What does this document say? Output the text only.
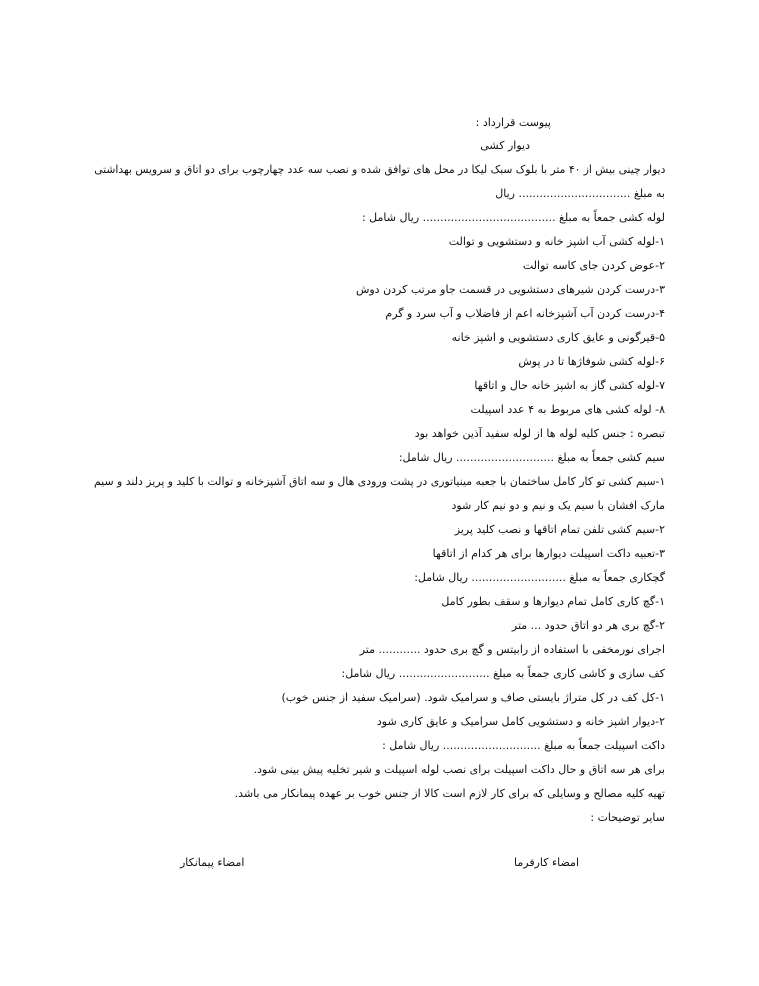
پیوست قرارداد :
دیوار کشی
دیوار چینی بیش از ۴۰ متر با بلوک سبک لیکا در محل های توافق شده و نصب سه عدد چهارچوب برای دو اتاق و سرویس بهداشتی
به مبلغ ................................ ریال
لوله کشی جمعاً به مبلغ ...................................... ریال شامل :
۱-لوله کشی آب اشپز خانه و دستشویی و توالت
۲-عوض کردن جای کاسه توالت
۳-درست کردن شیرهای دستشویی در قسمت جاو مرتب کردن دوش
۴-درست کردن آب آشپزخانه اعم از فاضلاب و آب سرد و گرم
۵-قیرگونی و عایق کاری دستشویی و اشپز خانه
۶-لوله کشی شوفاژها تا در پوش
۷-لوله کشی گاز به اشپز خانه حال و اتاقها
۸- لوله کشی های مربوط به ۴ عدد اسپیلت
تبصره : جنس کلیه لوله ها از لوله سفید آذین خواهد بود
سیم کشی جمعاً به مبلغ ............................ ریال شامل:
۱-سیم کشی تو کار کامل ساختمان با جعبه مینیاتوری در پشت ورودی هال و سه اتاق آشپزخانه و توالت با کلید و پریز دلند و سیم
مارک افشان با سیم یک و نیم و دو نیم کار شود
۲-سیم کشی تلفن تمام اتاقها و نصب کلید پریز
۳-تعبیه داکت اسپیلت دیوارها برای هر کدام از اتاقها
گچکاری جمعاً به مبلغ ........................... ریال شامل:
۱-گچ کاری کامل تمام دیوارها و سقف بطور کامل
۲-گچ بری هر دو اتاق حدود ... متر
اجرای نورمخفی با استفاده از رابیتس و گچ بری حدود ............ متر
کف سازی و کاشی کاری جمعاً به مبلغ .......................... ریال شامل:
۱-کل کف در کل متراژ بایستی صاف و سرامیک شود. (سرامیک سفید از جنس خوب)
۲-دیوار اشپز خانه و دستشویی کامل سرامیک و عایق کاری شود
داکت اسپیلت جمعاً به مبلغ ............................ ریال شامل :
برای هر سه اتاق و حال داکت اسپیلت برای نصب لوله اسپیلت و شیر تخلیه پیش بینی شود.
تهیه کلیه مصالح و وسایلی که برای کار لازم است کالا از جنس خوب بر عهده پیمانکار می باشد.
سایر توضیحات :
امضاء کارفرما
امضاء پیمانکار
